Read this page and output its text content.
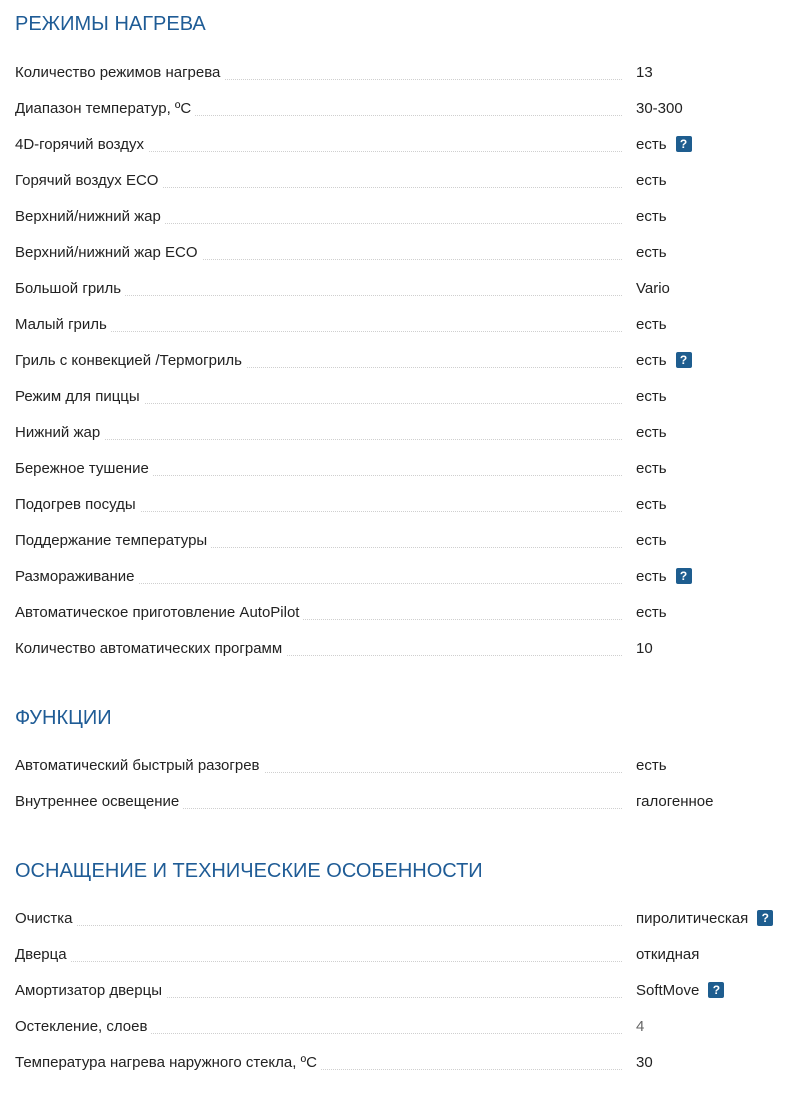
РЕЖИМЫ НАГРЕВА
Количество режимов нагрева	13
Диапазон температур, ºC	30-300
4D-горячий воздух	есть ?
Горячий воздух ECO	есть
Верхний/нижний жар	есть
Верхний/нижний жар ECO	есть
Большой гриль	Vario
Малый гриль	есть
Гриль с конвекцией /Термогриль	есть ?
Режим для пиццы	есть
Нижний жар	есть
Бережное тушение	есть
Подогрев посуды	есть
Поддержание температуры	есть
Размораживание	есть ?
Автоматическое приготовление AutoPilot	есть
Количество автоматических программ	10
ФУНКЦИИ
Автоматический быстрый разогрев	есть
Внутреннее освещение	галогенное
ОСНАЩЕНИЕ И ТЕХНИЧЕСКИЕ ОСОБЕННОСТИ
Очистка	пиролитическая ?
Дверца	откидная
Амортизатор дверцы	SoftMove ?
Остекление, слоев	4
Температура нагрева наружного стекла, ºC	30
